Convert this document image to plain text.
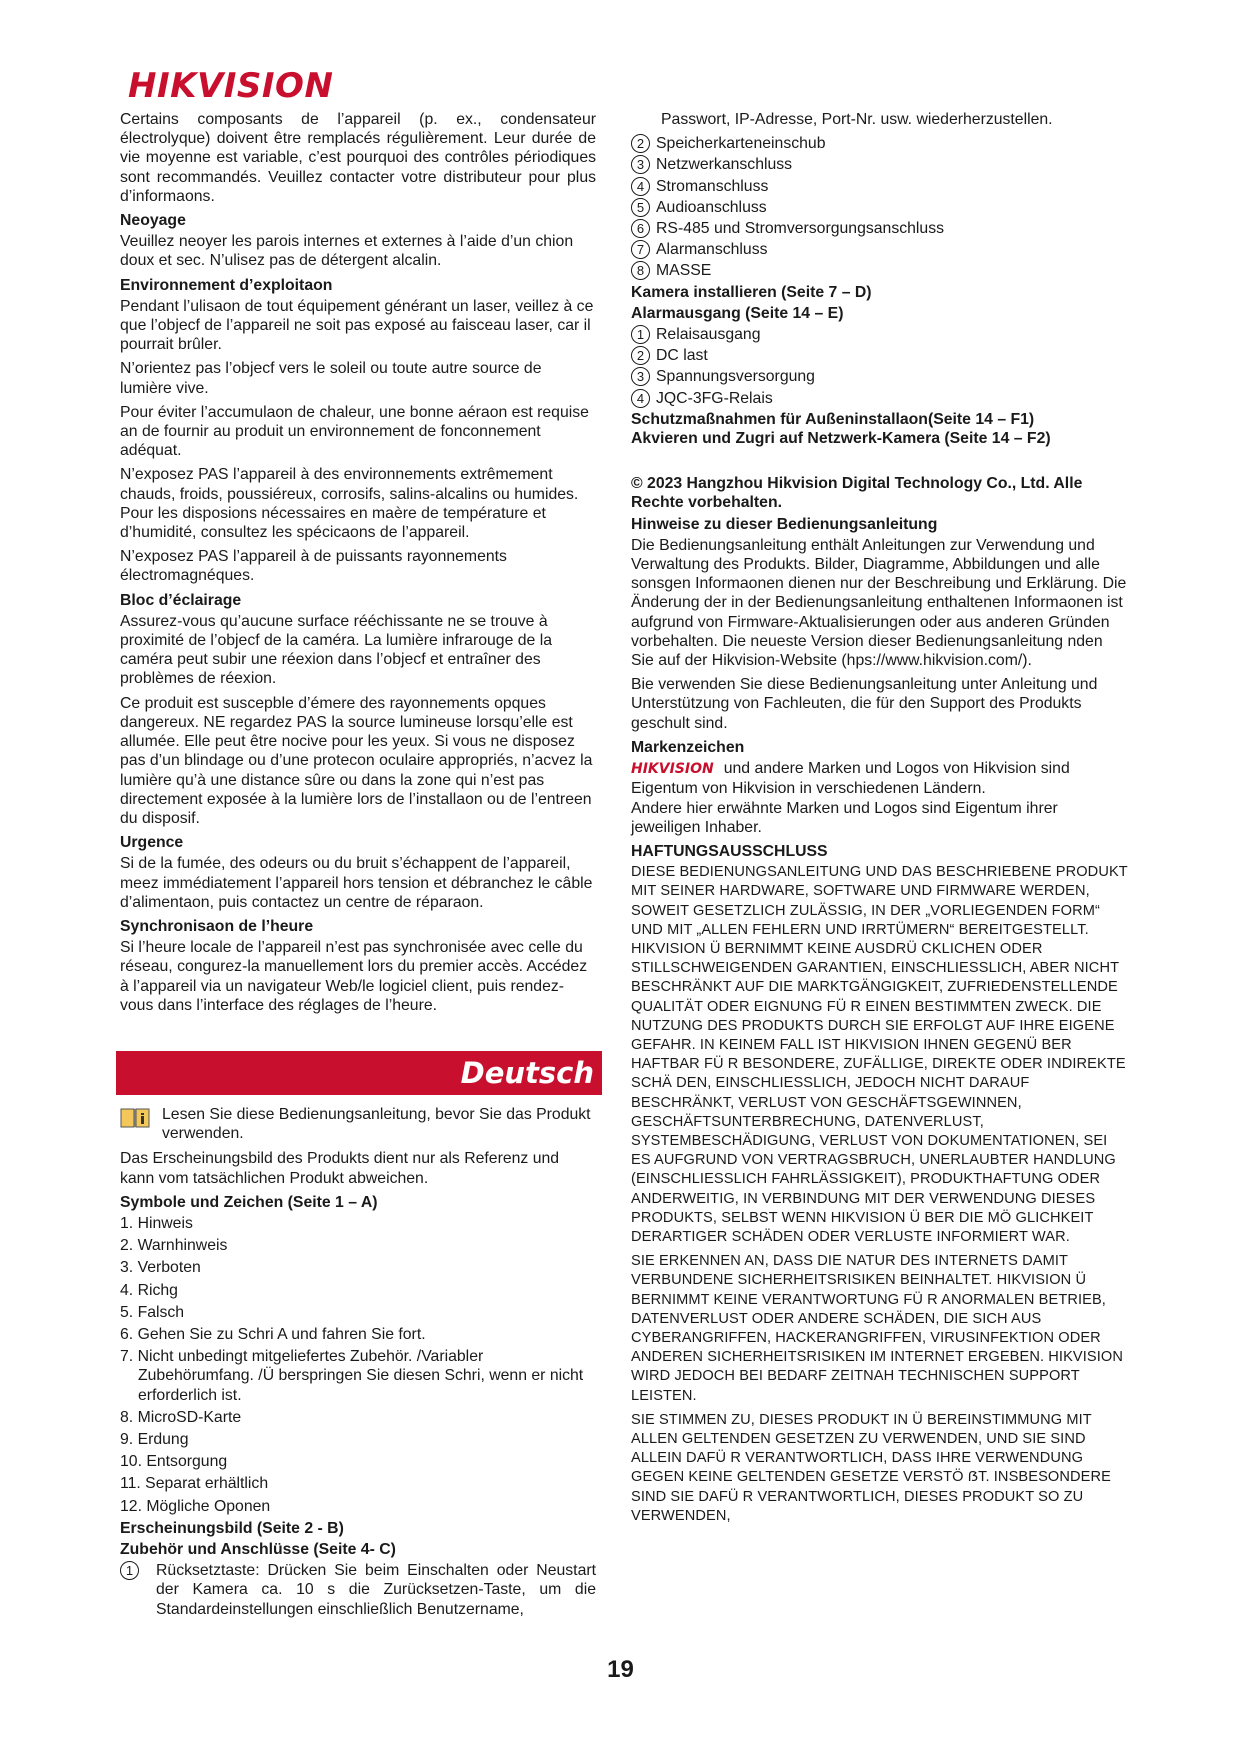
HIKVISION

Certains composants de l’appareil (p. ex., condensateur électrolyque) doivent être remplacés régulièrement. Leur durée de vie moyenne est variable, c’est pourquoi des contrôles périodiques sont recommandés. Veuillez contacter votre distributeur pour plus d’informaons.

Neoyage

Veuillez neoyer les parois internes et externes à l’aide d’un chion doux et sec. N’ulisez pas de détergent alcalin.

Environnement d’exploitaon

Pendant l’ulisaon de tout équipement générant un laser, veillez à ce que l’objecf de l’appareil ne soit pas exposé au faisceau laser, car il pourrait brûler.

N’orientez pas l’objecf vers le soleil ou toute autre source de lumière vive.

Pour éviter l’accumulaon de chaleur, une bonne aéraon est requise an de fournir au produit un environnement de fonconnement adéquat.

N’exposez PAS l’appareil à des environnements extrêmement chauds, froids, poussiéreux, corrosifs, salins-alcalins ou humides. Pour les disposions nécessaires en maère de température et d’humidité, consultez les spécicaons de l’appareil.

N’exposez PAS l’appareil à de puissants rayonnements électromagnéques.

Bloc d’éclairage

Assurez-vous qu’aucune surface rééchissante ne se trouve à proximité de l’objecf de la caméra. La lumière infrarouge de la caméra peut subir une réexion dans l’objecf et entraîner des problèmes de réexion.

Ce produit est suscepble d’émere des rayonnements opques dangereux. NE regardez PAS la source lumineuse lorsqu’elle est allumée. Elle peut être nocive pour les yeux. Si vous ne disposez pas d’un blindage ou d’une protecon oculaire appropriés, n’acvez la lumière qu’à une distance sûre ou dans la zone qui n’est pas directement exposée à la lumière lors de l’installaon ou de l’entreen du disposif.

Urgence

Si de la fumée, des odeurs ou du bruit s’échappent de l’appareil, meez immédiatement l’appareil hors tension et débranchez le câble d’alimentaon, puis contactez un centre de réparaon.

Synchronisaon de l’heure

Si l’heure locale de l’appareil n’est pas synchronisée avec celle du réseau, congurez-la manuellement lors du premier accès. Accédez à l’appareil via un navigateur Web/le logiciel client, puis rendez-vous dans l’interface des réglages de l’heure.

Deutsch
Lesen Sie diese Bedienungsanleitung, bevor Sie das Produkt verwenden.

Das Erscheinungsbild des Produkts dient nur als Referenz und kann vom tatsächlichen Produkt abweichen.

Symbole und Zeichen (Seite 1 – A)

1. Hinweis

2. Warnhinweis

3. Verboten

4. Richg

5. Falsch

6. Gehen Sie zu Schri A und fahren Sie fort.

7. Nicht unbedingt mitgeliefertes Zubehör. /Variabler Zubehörumfang. /Ü berspringen Sie diesen Schri, wenn er nicht erforderlich ist.

8. MicroSD-Karte

9. Erdung

10. Entsorgung

11. Separat erhältlich

12. Mögliche Oponen

Erscheinungsbild (Seite 2 - B)
Zubehör und Anschlüsse (Seite 4- C)
1	Rücksetztaste: Drücken Sie beim Einschalten oder Neustart der Kamera ca. 10 s die Zurücksetzen-Taste, um die Standardeinstellungen einschließlich Benutzername,

Passwort, IP-Adresse, Port-Nr. usw. wiederherzustellen.

2 Speicherkarteneinschub
3 Netzwerkanschluss
4 Stromanschluss
5 Audioanschluss
6 RS-485 und Stromversorgungsanschluss
7 Alarmanschluss
8 MASSE
Kamera installieren (Seite 7 – D)
Alarmausgang (Seite 14 – E)
1 Relaisausgang
2 DC last
3 Spannungsversorgung
4 JQC-3FG-Relais
Schutzmaßnahmen für Außeninstallaon(Seite 14 – F1)
Akvieren und Zugri auf Netzwerk-Kamera (Seite 14 – F2)
© 2023 Hangzhou Hikvision Digital Technology Co., Ltd. Alle Rechte vorbehalten.
Hinweise zu dieser Bedienungsanleitung

Die Bedienungsanleitung enthält Anleitungen zur Verwendung und Verwaltung des Produkts. Bilder, Diagramme, Abbildungen und alle sonsgen Informaonen dienen nur der Beschreibung und Erklärung. Die Änderung der in der Bedienungsanleitung enthaltenen Informaonen ist aufgrund von Firmware-Aktualisierungen oder aus anderen Gründen vorbehalten. Die neueste Version dieser Bedienungsanleitung nden Sie auf der Hikvision-Website (hps://www.hikvision.com/).

Bie verwenden Sie diese Bedienungsanleitung unter Anleitung und Unterstützung von Fachleuten, die für den Support des Produkts geschult sind.

Markenzeichen

HIKVISION und andere Marken und Logos von Hikvision sind Eigentum von Hikvision in verschiedenen Ländern.

Andere hier erwähnte Marken und Logos sind Eigentum ihrer jeweiligen Inhaber.

HAFTUNGSAUSSCHLUSS

DIESE BEDIENUNGSANLEITUNG UND DAS BESCHRIEBENE PRODUKT MIT SEINER HARDWARE, SOFTWARE UND FIRMWARE WERDEN, SOWEIT GESETZLICH ZULÄSSIG, IN DER „VORLIEGENDEN FORM“ UND MIT „ALLEN FEHLERN UND IRRTÜMERN“ BEREITGESTELLT. HIKVISION Ü BERNIMMT KEINE AUSDRÜ CKLICHEN ODER STILLSCHWEIGENDEN GARANTIEN, EINSCHLIESSLICH, ABER NICHT BESCHRÄNKT AUF DIE MARKTGÄNGIGKEIT, ZUFRIEDENSTELLENDE QUALITÄT ODER EIGNUNG FÜ R EINEN BESTIMMTEN ZWECK. DIE NUTZUNG DES PRODUKTS DURCH SIE ERFOLGT AUF IHRE EIGENE GEFAHR. IN KEINEM FALL IST HIKVISION IHNEN GEGENÜ BER HAFTBAR FÜ R BESONDERE, ZUFÄLLIGE, DIREKTE ODER INDIREKTE SCHÄ DEN, EINSCHLIESSLICH, JEDOCH NICHT DARAUF BESCHRÄNKT, VERLUST VON GESCHÄFTSGEWINNEN, GESCHÄFTSUNTERBRECHUNG, DATENVERLUST, SYSTEMBESCHÄDIGUNG, VERLUST VON DOKUMENTATIONEN, SEI ES AUFGRUND VON VERTRAGSBRUCH, UNERLAUBTER HANDLUNG (EINSCHLIESSLICH FAHRLÄSSIGKEIT), PRODUKTHAFTUNG ODER ANDERWEITIG, IN VERBINDUNG MIT DER VERWENDUNG DIESES PRODUKTS, SELBST WENN HIKVISION Ü BER DIE MÖ GLICHKEIT DERARTIGER SCHÄDEN ODER VERLUSTE INFORMIERT WAR.

SIE ERKENNEN AN, DASS DIE NATUR DES INTERNETS DAMIT VERBUNDENE SICHERHEITSRISIKEN BEINHALTET. HIKVISION Ü BERNIMMT KEINE VERANTWORTUNG FÜ R ANORMALEN BETRIEB, DATENVERLUST ODER ANDERE SCHÄDEN, DIE SICH AUS CYBERANGRIFFEN, HACKERANGRIFFEN, VIRUSINFEKTION ODER ANDEREN SICHERHEITSRISIKEN IM INTERNET ERGEBEN. HIKVISION WIRD JEDOCH BEI BEDARF ZEITNAH TECHNISCHEN SUPPORT LEISTEN.

SIE STIMMEN ZU, DIESES PRODUKT IN Ü BEREINSTIMMUNG MIT ALLEN GELTENDEN GESETZEN ZU VERWENDEN, UND SIE SIND ALLEIN DAFÜ R VERANTWORTLICH, DASS IHRE VERWENDUNG GEGEN KEINE GELTENDEN GESETZE VERSTÖ ẞT. INSBESONDERE SIND SIE DAFÜ R VERANTWORTLICH, DIESES PRODUKT SO ZU VERWENDEN,

19
